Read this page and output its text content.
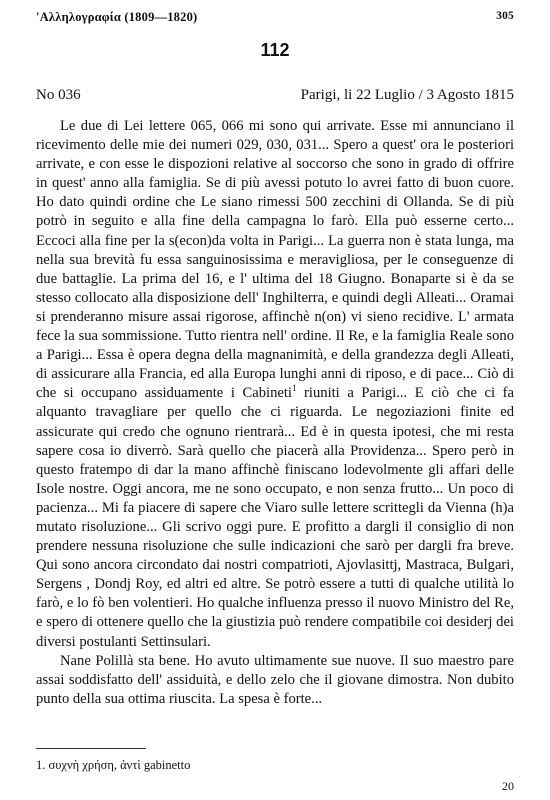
'Αλληλογραφία (1809—1820)	305
112
No 036	Parigi, li 22 Luglio / 3 Agosto 1815

Le due di Lei lettere 065, 066 mi sono qui arrivate. Esse mi annunciano il ricevimento delle mie dei numeri 029, 030, 031... Spero a quest' ora le posteriori arrivate, e con esse le dispozioni relative al soccorso che sono in grado di offrire in quest' anno alla famiglia. Se di più avessi potuto lo avrei fatto di buon cuore. Ho dato quindi ordine che Le siano rimessi 500 zecchini di Ollanda. Se di più potrò in seguito e alla fine della campagna lo farò. Ella può esserne certo... Eccoci alla fine per la s(econ)da volta in Parigi... La guerra non è stata lunga, ma nella sua brevità fu essa sanguinosissima e meravigliosa, per le conseguenze di due battaglie. La prima del 16, e l' ultima del 18 Giugno. Bonaparte si è da se stesso collocato alla disposizione dell' Inghilterra, e quindi degli Alleati... Oramai si prenderanno misure assai rigorose, affinchè n(on) vi sieno recidive. L' armata fece la sua sommissione. Tutto rientra nell' ordine. Il Re, e la famiglia Reale sono a Parigi... Essa è opera degna della magnanimità, e della grandezza degli Alleati, di assicurare alla Francia, ed alla Europa lunghi anni di riposo, e di pace... Ciò di che si occupano assiduamente i Cabineti$^1$ riuniti a Parigi... E ciò che ci fa alquanto travagliare per quello che ci riguarda. Le negoziazioni finite ed assicurate qui credo che ognuno rientrarà... Ed è in questa ipotesi, che mi resta sapere cosa io diverrò. Sarà quello che piacerà alla Providenza... Spero però in questo fratempo di dar la mano affinchè finiscano lodevolmente gli affari delle Isole nostre. Oggi ancora, me ne sono occupato, e non senza frutto... Un poco di pacienza... Mi fa piacere di sapere che Viaro sulle lettere scrittegli da Vienna (h)a mutato risoluzione... Gli scrivo oggi pure. E profitto a dargli il consiglio di non prendere nessuna risoluzione che sulle indicazioni che sarò per dargli fra breve. Qui sono ancora circondato dai nostri compatrioti, Ajovlasittj, Mastraca, Bulgari, Sergens , Dondj Roy, ed altri ed altre. Se potrò essere a tutti di qualche utilità lo farò, e lo fò ben volentieri. Ho qualche influenza presso il nuovo Ministro del Re, e spero di ottenere quello che la giustizia può rendere compatibile coi desiderj dei diversi postulanti Settinsulari.

Nane Polillà sta bene. Ho avuto ultimamente sue nuove. Il suo maestro pare assai soddisfatto dell' assiduità, e dello zelo che il giovane dimostra. Non dubito punto della sua ottima riuscita. La spesa è forte...

1. συχνὴ χρήση, ἀντὶ gabinetto
20
